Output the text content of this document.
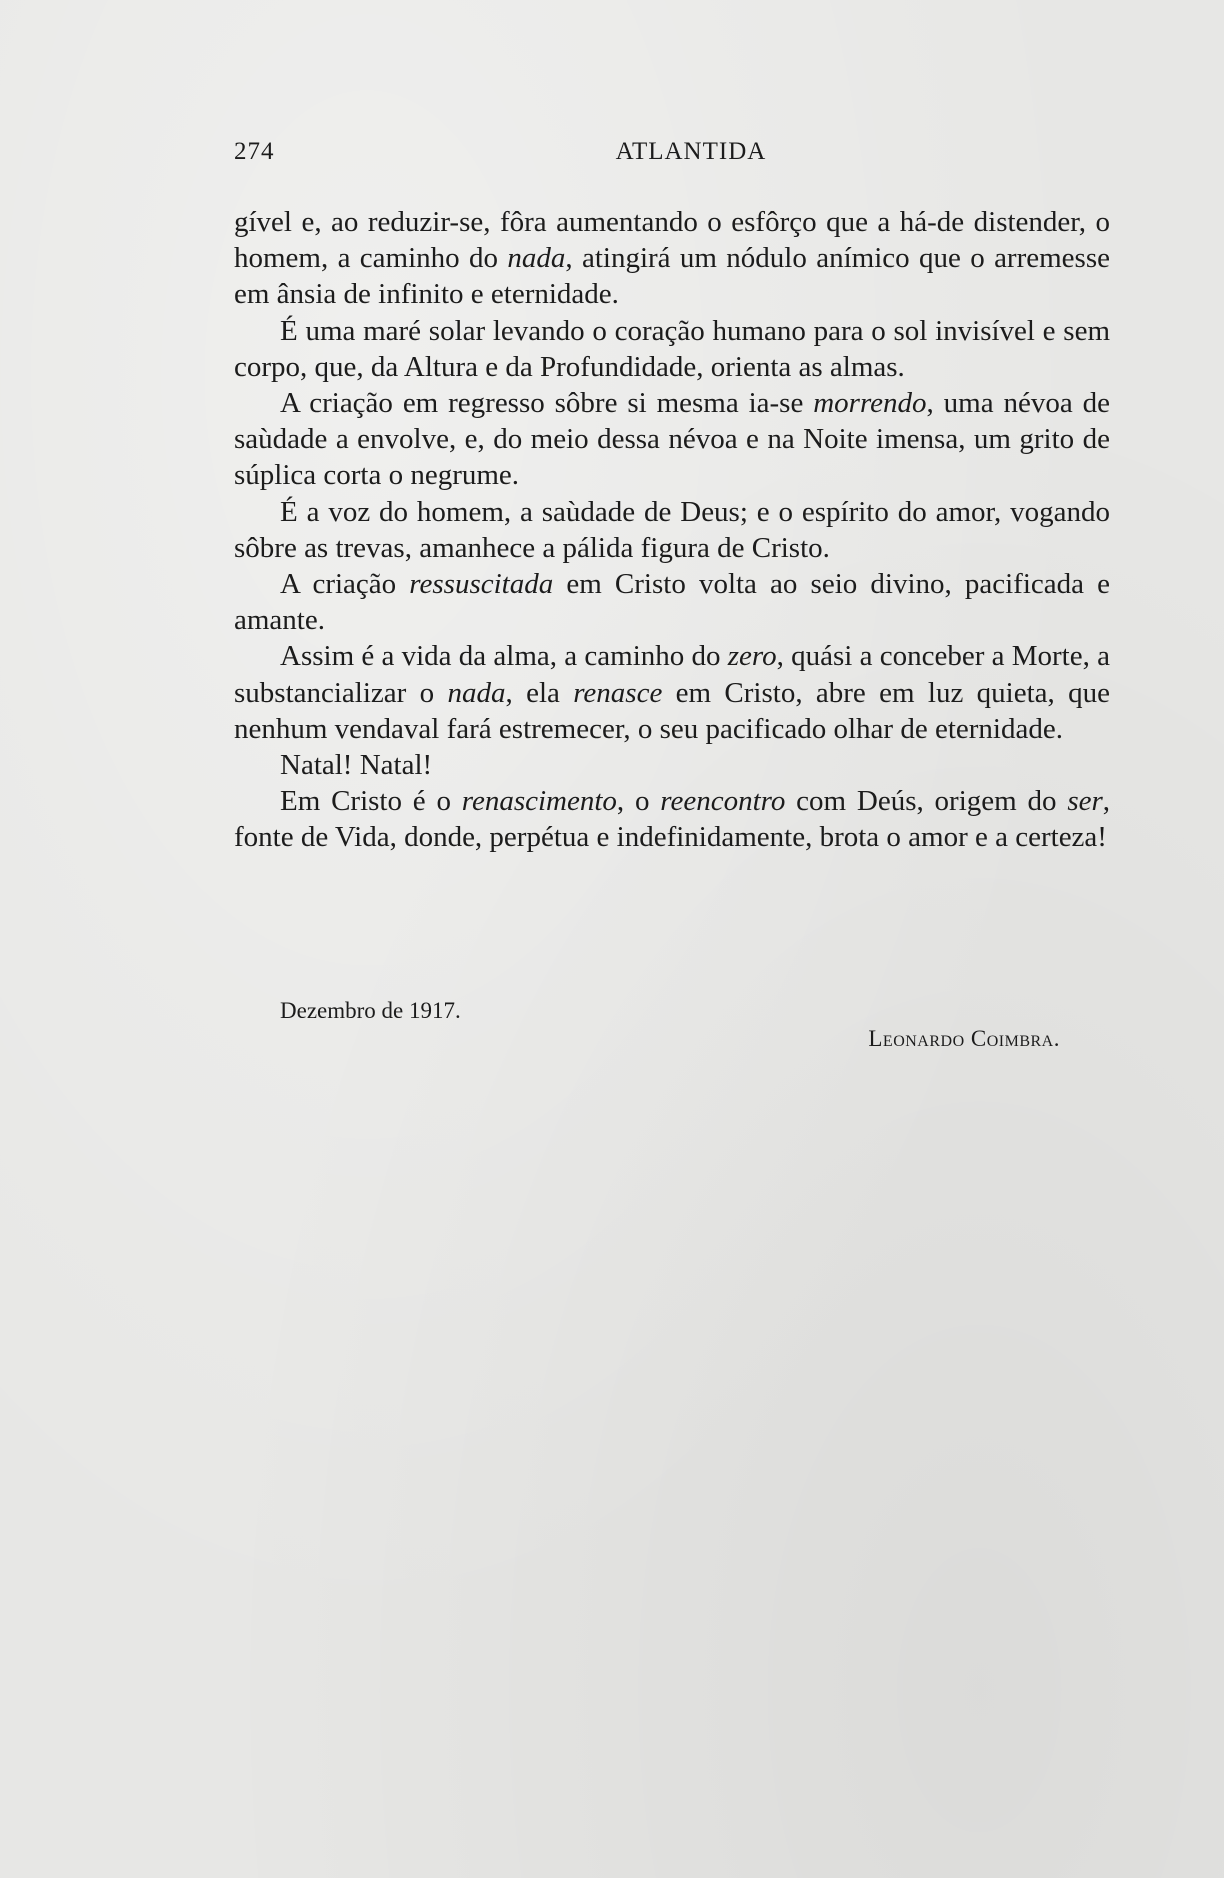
274	ATLANTIDA

gível e, ao reduzir-se, fôra aumentando o esfôrço que a há-de distender, o homem, a caminho do nada, atingirá um nódulo anímico que o arremesse em ânsia de infinito e eternidade.

É uma maré solar levando o coração humano para o sol invisível e sem corpo, que, da Altura e da Profundidade, orienta as almas.

A criação em regresso sôbre si mesma ia-se morrendo, uma névoa de saùdade a envolve, e, do meio dessa névoa e na Noite imensa, um grito de súplica corta o negrume.

É a voz do homem, a saùdade de Deus; e o espírito do amor, vogando sôbre as trevas, amanhece a pálida figura de Cristo.

A criação ressuscitada em Cristo volta ao seio divino, pacificada e amante.

Assim é a vida da alma, a caminho do zero, quási a conceber a Morte, a substancializar o nada, ela renasce em Cristo, abre em luz quieta, que nenhum vendaval fará estremecer, o seu pacificado olhar de eternidade.

Natal! Natal!

Em Cristo é o renascimento, o reencontro com Deús, origem do ser, fonte de Vida, donde, perpétua e indefinidamente, brota o amor e a certeza!

Dezembro de 1917.
Leonardo Coimbra.
